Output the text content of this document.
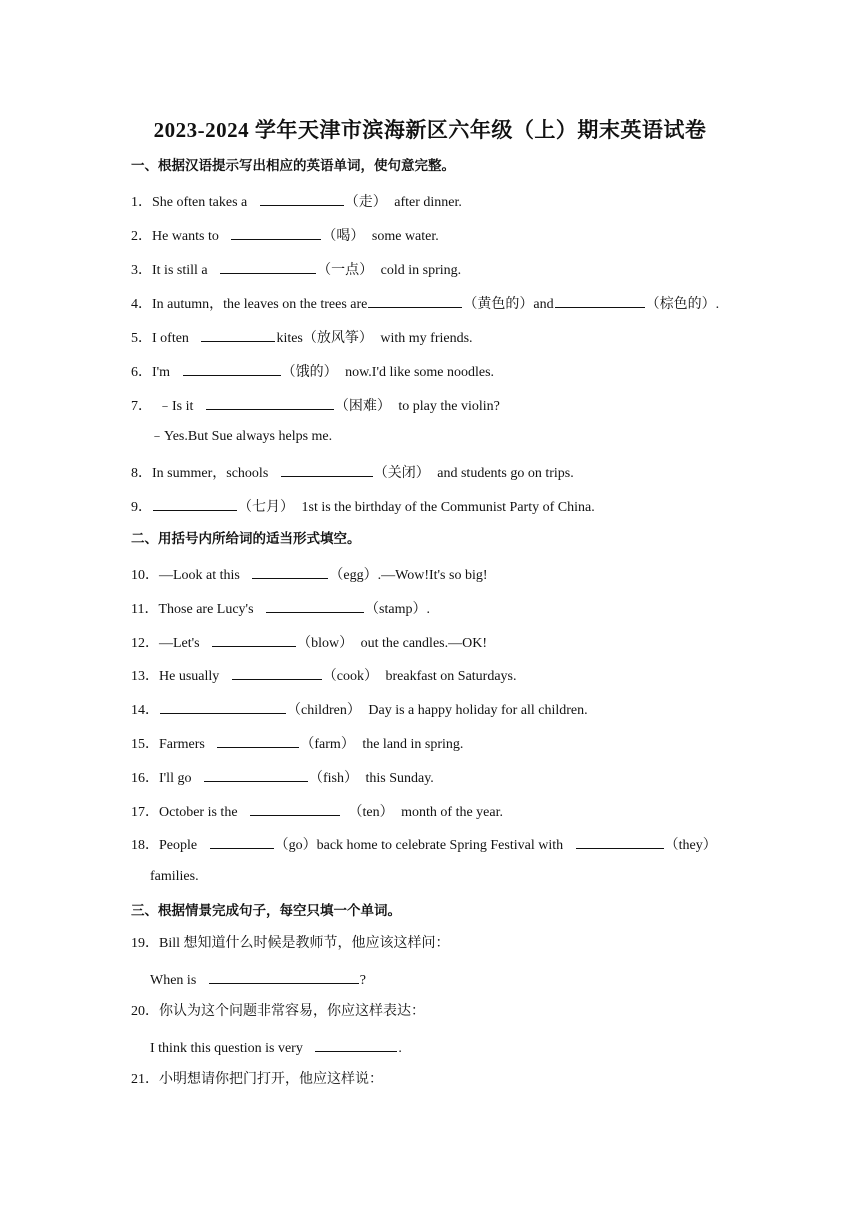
2023-2024 学年天津市滨海新区六年级（上）期末英语试卷
一、根据汉语提示写出相应的英语单词，使句意完整。
1．She often takes a	（走） after dinner.
2．He wants to	（喝） some water.
3．It is still a	（一点） cold in spring.
4．In autumn，the leaves on the trees are	（黄色的）and	（棕色的）.
5．I often	kites（放风筝） with my friends.
6．I'm	（饿的） now.I'd like some noodles.
7． ﹣Is it	（困难） to play the violin?
﹣Yes.But Sue always helps me.
8．In summer，schools	（关闭） and students go on trips.
9．	（七月） 1st is the birthday of the Communist Party of China.
二、用括号内所给词的适当形式填空。
10．—Look at this	（egg）.—Wow!It's so big!
11．Those are Lucy's	（stamp）.
12．—Let's	（blow） out the candles.—OK!
13．He usually	（cook） breakfast on Saturdays.
14．	（children） Day is a happy holiday for all children.
15．Farmers	（farm） the land in spring.
16．I'll go	（fish） this Sunday.
17．October is the	（ten） month of the year.
18．People	（go）back home to celebrate Spring Festival with	（they）
families.
三、根据情景完成句子，每空只填一个单词。
19．Bill 想知道什么时候是教师节，他应该这样问：
When is	?
20．你认为这个问题非常容易，你应这样表达：
I think this question is very	.
21．小明想请你把门打开，他应这样说：
